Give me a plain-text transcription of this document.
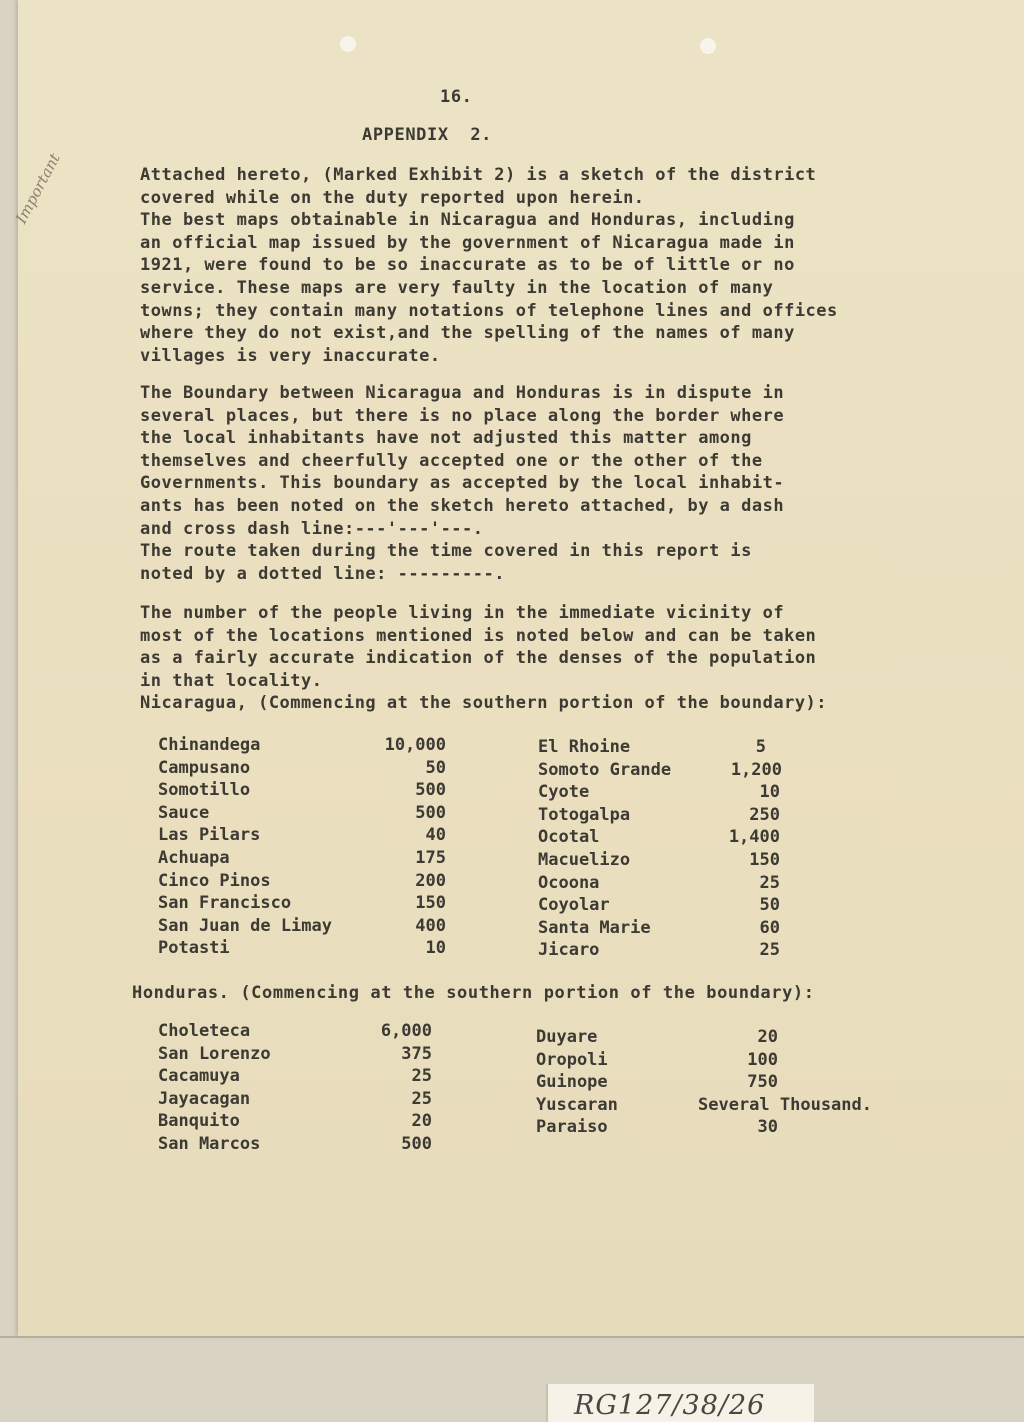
Important
16.
APPENDIX  2.
Attached hereto, (Marked Exhibit 2) is a sketch of the district
covered while on the duty reported upon herein.
The best maps obtainable in Nicaragua and Honduras, including
an official map issued by the government of Nicaragua made in
1921, were found to be so inaccurate as to be of little or no
service. These maps are very faulty in the location of many
towns; they contain many notations of telephone lines and offices
where they do not exist,and the spelling of the names of many
villages is very inaccurate.
The Boundary between Nicaragua and Honduras is in dispute in
several places, but there is no place along the border where
the local inhabitants have not adjusted this matter among
themselves and cheerfully accepted one or the other of the
Governments. This boundary as accepted by the local inhabit-
ants has been noted on the sketch hereto attached, by a dash
and cross dash line:---'---'---.
The route taken during the time covered in this report is
noted by a dotted line: ---------.
The number of the people living in the immediate vicinity of
most of the locations mentioned is noted below and can be taken
as a fairly accurate indication of the denses of the population
in that locality.
Nicaragua, (Commencing at the southern portion of the boundary):
Chinandega	10,000
Campusano	50
Somotillo	500
Sauce	500
Las Pilars	40
Achuapa	175
Cinco Pinos	200
San Francisco	150
San Juan de Limay	400
Potasti	10
El Rhoine	5
Somoto Grande	1,200
Cyote	10
Totogalpa	250
Ocotal	1,400
Macuelizo	150
Ocoona	25
Coyolar	50
Santa Marie	60
Jicaro	25
Honduras. (Commencing at the southern portion of the boundary):
Choleteca	6,000
San Lorenzo	375
Cacamuya	25
Jayacagan	25
Banquito	20
San Marcos	500
Duyare	20
Oropoli	100
Guinope	750
Yuscaran	Several Thousand.
Paraiso	30
RG127/38/26
